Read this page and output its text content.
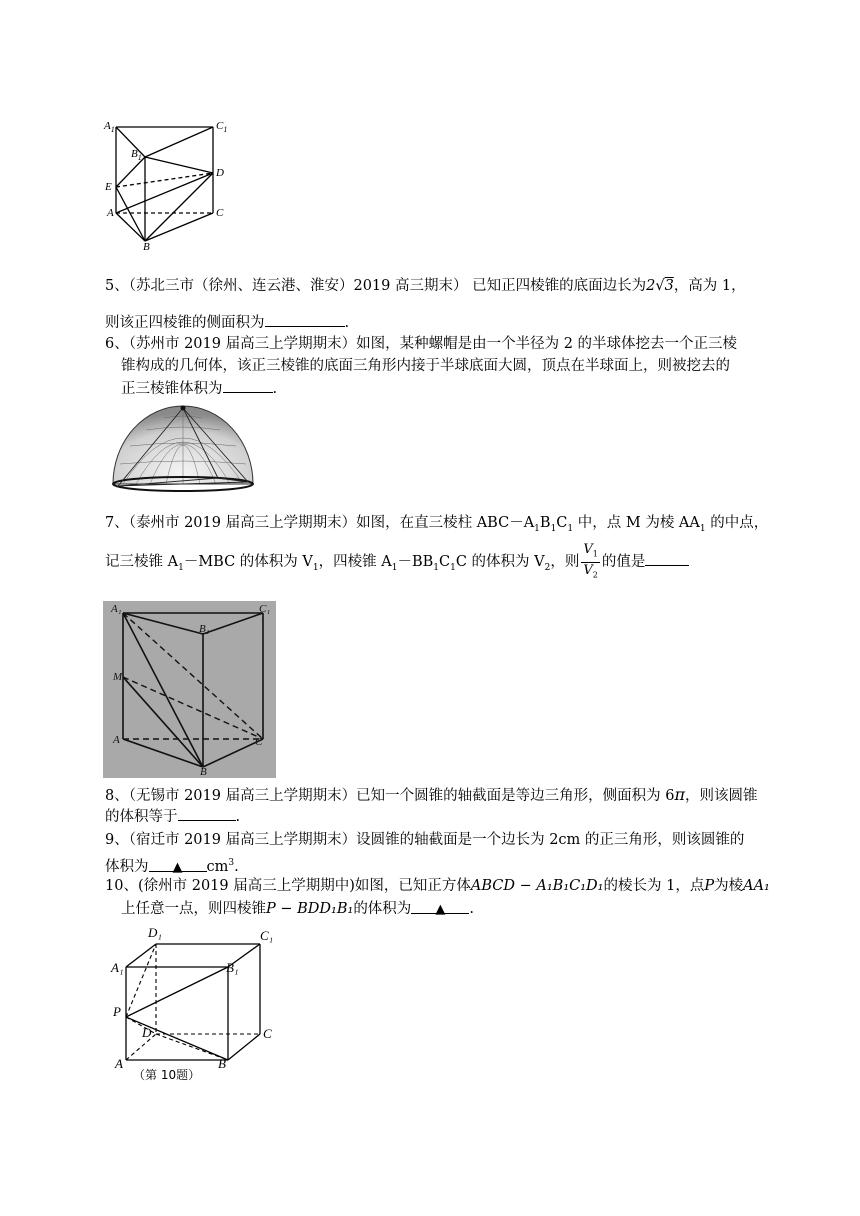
$A_1$	$C_1$
$B_1$
E
D
A	C
B
5、（苏北三市（徐州、连云港、淮安）2019 高三期末） 已知正四棱锥的底面边长为2√3，高为 1，
则该正四棱锥的侧面积为	.
6、（苏州市 2019 届高三上学期期末）如图，某种螺帽是由一个半径为 2 的半球体挖去一个正三棱
锥构成的几何体，该正三棱锥的底面三角形内接于半球底面大圆，顶点在半球面上，则被挖去的
正三棱锥体积为	.
7、（泰州市 2019 届高三上学期期末）如图，在直三棱柱 $ABC-A_1B_1C_1$ 中，点 M 为棱 $AA_1$ 的中点，
记三棱锥 $A_1-MBC$ 的体积为 $V_1$，四棱锥 $A_1-BB_1C_1C$ 的体积为 $V_2$，则 $\frac{V_1}{V_2}$ 的值是
A₁	C₁
B₁
M
A	C
B
8、（无锡市 2019 届高三上学期期末）已知一个圆锥的轴截面是等边三角形，侧面积为 6π，则该圆锥
的体积等于	.
9、（宿迁市 2019 届高三上学期期末）设圆锥的轴截面是一个边长为 2cm 的正三角形，则该圆锥的
体积为 ▲ $cm^3$.
10、(徐州市 2019 届高三上学期期中)如图，已知正方体ABCD − A₁B₁C₁D₁的棱长为 1，点P为棱AA₁
上任意一点，则四棱锥P − BDD₁B₁的体积为 ▲ .
D₁	C₁
A₁	B₁
P
D	C
A	B
（第 10题）
